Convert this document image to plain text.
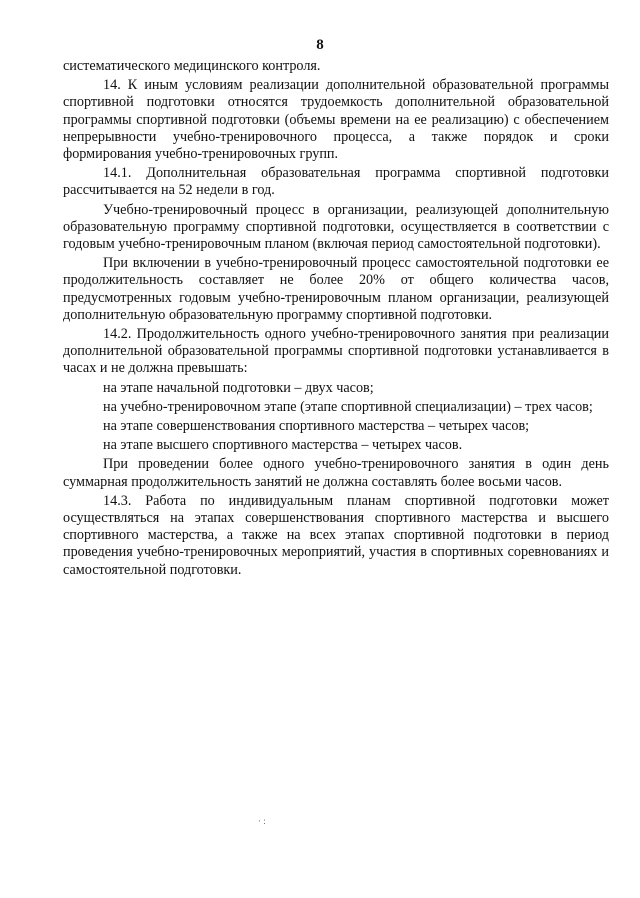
8

систематического медицинского контроля.

14. К иным условиям реализации дополнительной образовательной программы спортивной подготовки относятся трудоемкость дополнительной образовательной программы спортивной подготовки (объемы времени на ее реализацию) с обеспечением непрерывности учебно-тренировочного процесса, а также порядок и сроки формирования учебно-тренировочных групп.

14.1. Дополнительная образовательная программа спортивной подготовки рассчитывается на 52 недели в год.

Учебно-тренировочный процесс в организации, реализующей дополнительную образовательную программу спортивной подготовки, осуществляется в соответствии с годовым учебно-тренировочным планом (включая период самостоятельной подготовки).

При включении в учебно-тренировочный процесс самостоятельной подготовки ее продолжительность составляет не более 20% от общего количества часов, предусмотренных годовым учебно-тренировочным планом организации, реализующей дополнительную образовательную программу спортивной подготовки.

14.2. Продолжительность одного учебно-тренировочного занятия при реализации дополнительной образовательной программы спортивной подготовки устанавливается в часах и не должна превышать:

на этапе начальной подготовки – двух часов;

на учебно-тренировочном этапе (этапе спортивной специализации) – трех часов;

на этапе совершенствования спортивного мастерства – четырех часов;

на этапе высшего спортивного мастерства – четырех часов.

При проведении более одного учебно-тренировочного занятия в один день суммарная продолжительность занятий не должна составлять более восьми часов.

14.3. Работа по индивидуальным планам спортивной подготовки может осуществляться на этапах совершенствования спортивного мастерства и высшего спортивного мастерства, а также на всех этапах спортивной подготовки в период проведения учебно-тренировочных мероприятий, участия в спортивных соревнованиях и самостоятельной подготовки.

· :
